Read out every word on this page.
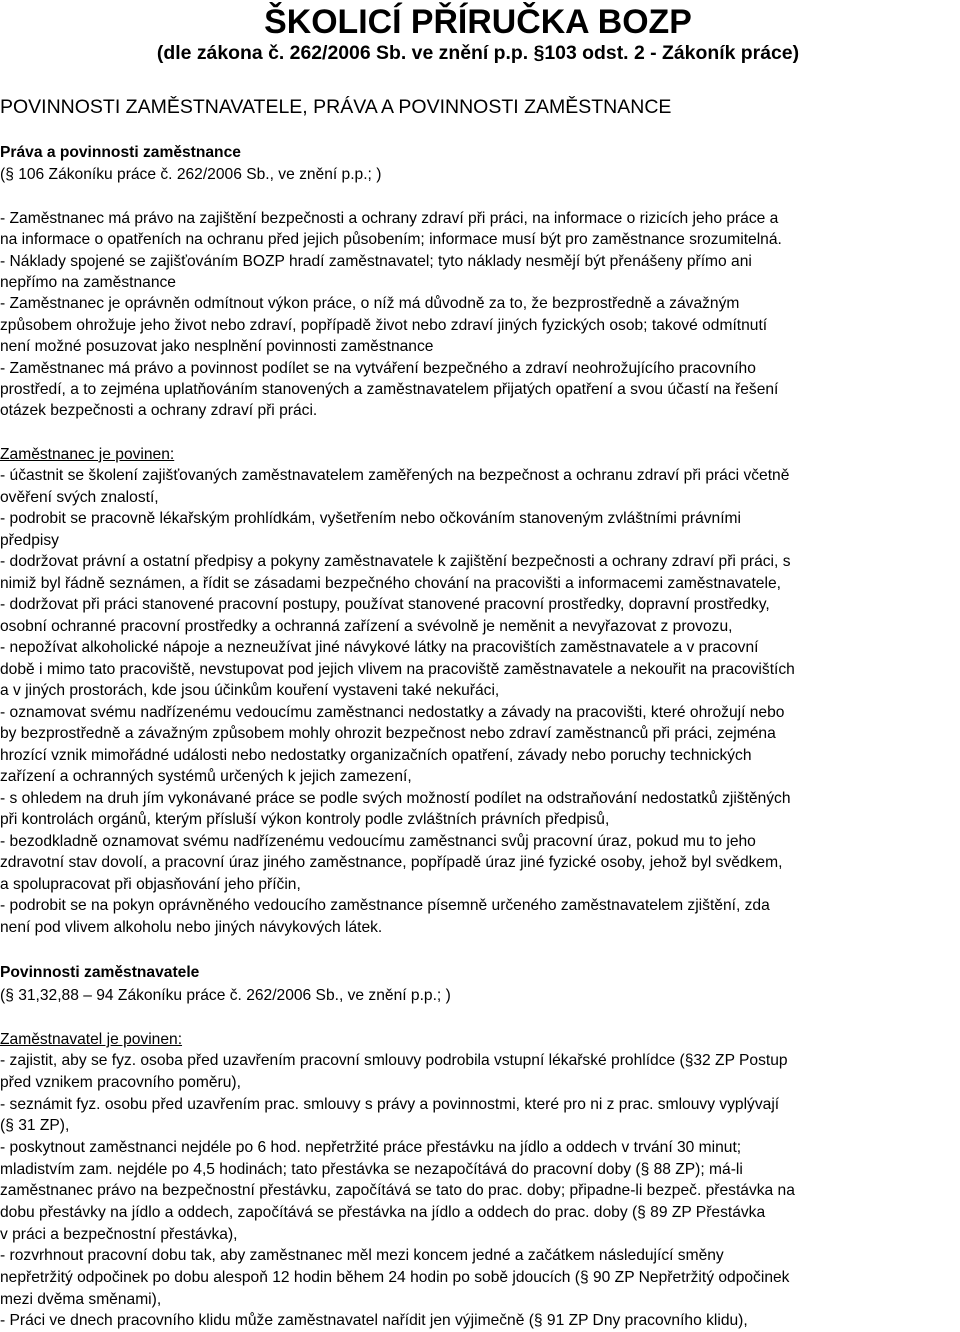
ŠKOLICÍ PŘÍRUČKA BOZP
(dle zákona č. 262/2006 Sb. ve znění p.p. §103 odst. 2 - Zákoník práce)
POVINNOSTI ZAMĚSTNAVATELE, PRÁVA A POVINNOSTI ZAMĚSTNANCE
Práva a povinnosti zaměstnance
(§ 106 Zákoníku práce č. 262/2006 Sb., ve znění p.p.; )
- Zaměstnanec má právo na zajištění bezpečnosti a ochrany zdraví při práci, na informace o rizicích jeho práce a
na informace o opatřeních na ochranu před jejich působením; informace musí být pro zaměstnance srozumitelná.
- Náklady spojené se zajišťováním BOZP hradí zaměstnavatel; tyto náklady nesmějí být přenášeny přímo ani
nepřímo na zaměstnance
- Zaměstnanec je oprávněn odmítnout výkon práce, o níž má důvodně za to, že bezprostředně a závažným
způsobem ohrožuje jeho život nebo zdraví, popřípadě život nebo zdraví jiných fyzických osob; takové odmítnutí
není možné posuzovat jako nesplnění povinnosti zaměstnance
- Zaměstnanec má právo a povinnost podílet se na vytváření bezpečného a zdraví neohrožujícího pracovního
prostředí, a to zejména uplatňováním stanovených a zaměstnavatelem přijatých opatření a svou účastí na řešení
otázek bezpečnosti a ochrany zdraví při práci.
Zaměstnanec je povinen:
- účastnit se školení zajišťovaných zaměstnavatelem zaměřených na bezpečnost a ochranu zdraví při práci včetně
ověření svých znalostí,
- podrobit se pracovně lékařským prohlídkám, vyšetřením nebo očkováním stanoveným zvláštními právními
předpisy
- dodržovat právní a ostatní předpisy a pokyny zaměstnavatele k zajištění bezpečnosti a ochrany zdraví při práci, s
nimiž byl řádně seznámen, a řídit se zásadami bezpečného chování na pracovišti a informacemi zaměstnavatele,
- dodržovat při práci stanovené pracovní postupy, používat stanovené pracovní prostředky, dopravní prostředky,
osobní ochranné pracovní prostředky a ochranná zařízení a svévolně je neměnit a nevyřazovat z provozu,
- nepožívat alkoholické nápoje a nezneužívat jiné návykové látky na pracovištích zaměstnavatele a v pracovní
době i mimo tato pracoviště, nevstupovat pod jejich vlivem na pracoviště zaměstnavatele a nekouřit na pracovištích
a v jiných prostorách, kde jsou účinkům kouření vystaveni také nekuřáci,
- oznamovat svému nadřízenému vedoucímu zaměstnanci nedostatky a závady na pracovišti, které ohrožují nebo
by bezprostředně a závažným způsobem mohly ohrozit bezpečnost nebo zdraví zaměstnanců při práci, zejména
hrozící vznik mimořádné události nebo nedostatky organizačních opatření, závady nebo poruchy technických
zařízení a ochranných systémů určených k jejich zamezení,
- s ohledem na druh jím vykonávané práce se podle svých možností podílet na odstraňování nedostatků zjištěných
při kontrolách orgánů, kterým přísluší výkon kontroly podle zvláštních právních předpisů,
- bezodkladně oznamovat svému nadřízenému vedoucímu zaměstnanci svůj pracovní úraz, pokud mu to jeho
zdravotní stav dovolí, a pracovní úraz jiného zaměstnance, popřípadě úraz jiné fyzické osoby, jehož byl svědkem,
a spolupracovat při objasňování jeho příčin,
- podrobit se na pokyn oprávněného vedoucího zaměstnance písemně určeného zaměstnavatelem zjištění, zda
není pod vlivem alkoholu nebo jiných návykových látek.
Povinnosti zaměstnavatele
(§ 31,32,88 – 94 Zákoníku práce č. 262/2006 Sb., ve znění p.p.; )
Zaměstnavatel je povinen:
- zajistit, aby se fyz. osoba před uzavřením pracovní smlouvy podrobila vstupní lékařské prohlídce (§32 ZP Postup
před vznikem pracovního poměru),
- seznámit fyz. osobu před uzavřením prac. smlouvy s právy a povinnostmi, které pro ni z prac. smlouvy vyplývají
(§ 31 ZP),
- poskytnout zaměstnanci nejdéle po 6 hod. nepřetržité práce přestávku na jídlo a oddech v trvání 30 minut;
mladistvím zam. nejdéle po 4,5 hodinách; tato přestávka se nezapočítává do pracovní doby (§ 88 ZP); má-li
zaměstnanec právo na bezpečnostní přestávku, započítává se tato do prac. doby; připadne-li bezpeč. přestávka na
dobu přestávky na jídlo a oddech, započítává se přestávka na jídlo a oddech do prac. doby (§ 89 ZP Přestávka
v práci a bezpečnostní přestávka),
- rozvrhnout pracovní dobu tak, aby zaměstnanec měl mezi koncem jedné a začátkem následující směny
nepřetržitý odpočinek po dobu alespoň 12 hodin během 24 hodin po sobě jdoucích (§ 90 ZP Nepřetržitý odpočinek
mezi dvěma směnami),
- Práci ve dnech pracovního klidu může zaměstnavatel nařídit jen výjimečně (§ 91 ZP Dny pracovního klidu),
